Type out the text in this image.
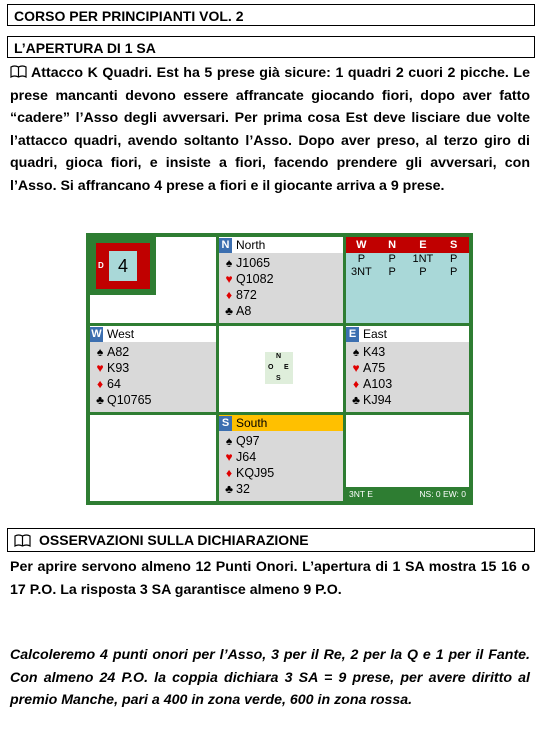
CORSO PER PRINCIPIANTI VOL. 2
L’APERTURA DI 1 SA
Attacco K Quadri. Est ha 5 prese già sicure: 1 quadri 2 cuori 2 picche. Le prese mancanti devono essere affrancate giocando fiori, dopo aver fatto “cadere” l’Asso degli avversari. Per prima cosa Est deve lisciare due volte l’attacco quadri, avendo soltanto l’Asso. Dopo aver preso, al terzo giro di quadri, gioca fiori, e insiste a fiori, facendo prendere gli avversari, con l’Asso. Si affrancano 4 prese a fiori e il giocante arriva a 9 prese.
4
D
N North
♠ J1065
♥ Q1082
♦ 872
♣ A8
W	N	E	S
P	P	1NT	P
3NT	P	P	P
W West
♠ A82
♥ K93
♦ 64
♣ Q10765
N
O E
S
E East
♠ K43
♥ A75
♦ A103
♣ KJ94
S South
♠ Q97
♥ J64
♦ KQJ95
♣ 32	3NT E	NS: 0 EW: 0
OSSERVAZIONI SULLA DICHIARAZIONE
Per aprire servono almeno 12 Punti Onori. L’apertura di 1 SA mostra 15 16 o 17 P.O. La risposta 3 SA garantisce almeno 9 P.O.
Calcoleremo 4 punti onori per l’Asso, 3 per il Re, 2 per la Q e 1 per il Fante. Con almeno 24 P.O. la coppia dichiara 3 SA = 9 prese, per avere diritto al premio Manche, pari a 400 in zona verde, 600 in zona rossa.
